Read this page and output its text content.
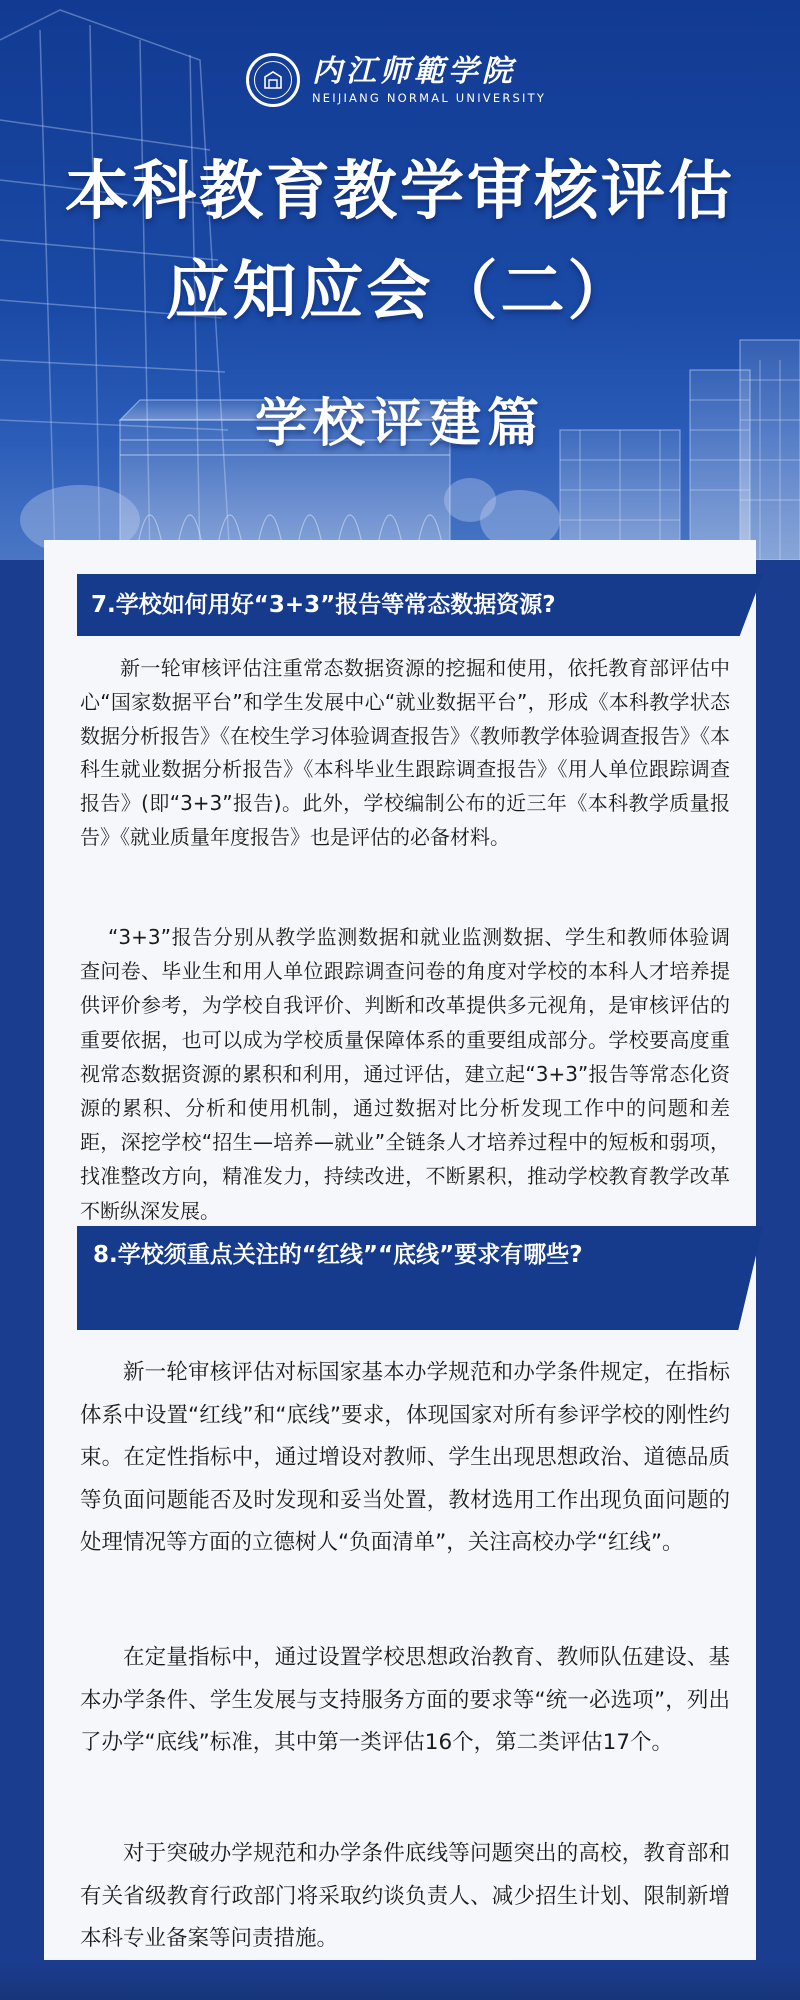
内江师範学院
NEIJIANG NORMAL UNIVERSITY
本科教育教学审核评估
应知应会（二）
学校评建篇
7.学校如何用好“3+3”报告等常态数据资源?

新一轮审核评估注重常态数据资源的挖掘和使用，依托教育部评估中心“国家数据平台”和学生发展中心“就业数据平台”，形成《本科教学状态数据分析报告》《在校生学习体验调查报告》《教师教学体验调查报告》《本科生就业数据分析报告》《本科毕业生跟踪调查报告》《用人单位跟踪调查报告》(即“3+3”报告)。此外，学校编制公布的近三年《本科教学质量报告》《就业质量年度报告》也是评估的必备材料。

“3+3”报告分别从教学监测数据和就业监测数据、学生和教师体验调查问卷、毕业生和用人单位跟踪调查问卷的角度对学校的本科人才培养提供评价参考，为学校自我评价、判断和改革提供多元视角，是审核评估的重要依据，也可以成为学校质量保障体系的重要组成部分。学校要高度重视常态数据资源的累积和利用，通过评估，建立起“3+3”报告等常态化资源的累积、分析和使用机制，通过数据对比分析发现工作中的问题和差距，深挖学校“招生—培养—就业”全链条人才培养过程中的短板和弱项，找准整改方向，精准发力，持续改进，不断累积，推动学校教育教学改革不断纵深发展。

8.学校须重点关注的“红线”“底线”要求有哪些?

新一轮审核评估对标国家基本办学规范和办学条件规定，在指标体系中设置“红线”和“底线”要求，体现国家对所有参评学校的刚性约束。在定性指标中，通过增设对教师、学生出现思想政治、道德品质等负面问题能否及时发现和妥当处置，教材选用工作出现负面问题的处理情况等方面的立德树人“负面清单”，关注高校办学“红线”。

在定量指标中，通过设置学校思想政治教育、教师队伍建设、基本办学条件、学生发展与支持服务方面的要求等“统一必选项”，列出了办学“底线”标准，其中第一类评估16个，第二类评估17个。

对于突破办学规范和办学条件底线等问题突出的高校，教育部和有关省级教育行政部门将采取约谈负责人、减少招生计划、限制新增本科专业备案等问责措施。
